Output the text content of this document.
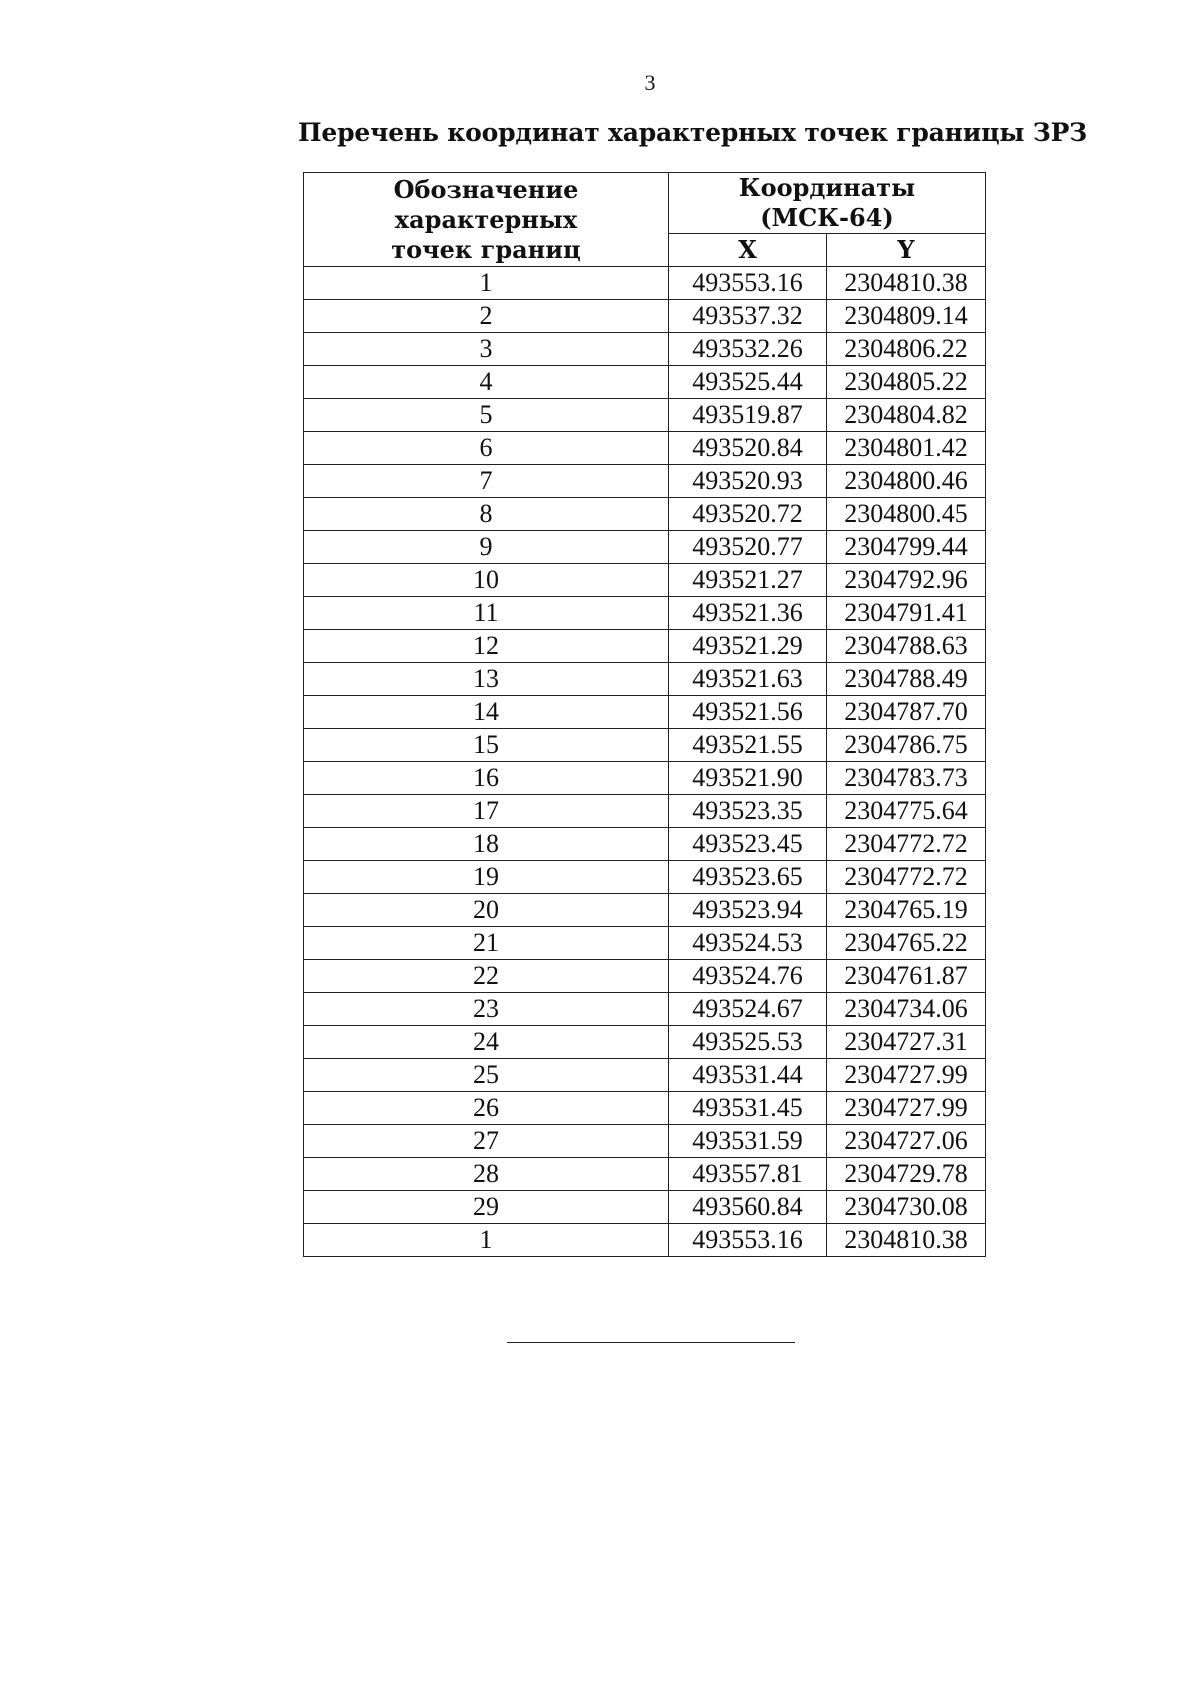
3
Перечень координат характерных точек границы ЗРЗ
Обозначение характерных
точек границ	Координаты (МСК-64)	
	X	Y
1	493553.16	2304810.38
2	493537.32	2304809.14
3	493532.26	2304806.22
4	493525.44	2304805.22
5	493519.87	2304804.82
6	493520.84	2304801.42
7	493520.93	2304800.46
8	493520.72	2304800.45
9	493520.77	2304799.44
10	493521.27	2304792.96
11	493521.36	2304791.41
12	493521.29	2304788.63
13	493521.63	2304788.49
14	493521.56	2304787.70
15	493521.55	2304786.75
16	493521.90	2304783.73
17	493523.35	2304775.64
18	493523.45	2304772.72
19	493523.65	2304772.72
20	493523.94	2304765.19
21	493524.53	2304765.22
22	493524.76	2304761.87
23	493524.67	2304734.06
24	493525.53	2304727.31
25	493531.44	2304727.99
26	493531.45	2304727.99
27	493531.59	2304727.06
28	493557.81	2304729.78
29	493560.84	2304730.08
1	493553.16	2304810.38
